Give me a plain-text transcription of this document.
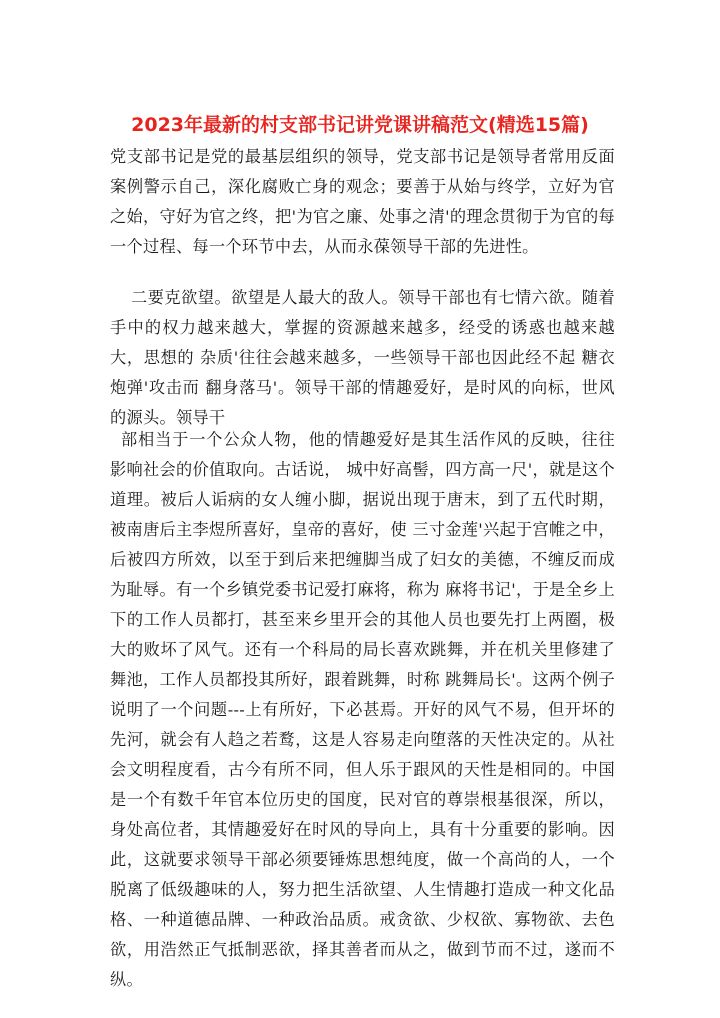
2023年最新的村支部书记讲党课讲稿范文(精选15篇)

党支部书记是党的最基层组织的领导，党支部书记是领导者常用反面案例警示自己，深化腐败亡身的观念；要善于从始与终学，立好为官之始，守好为官之终，把'为官之廉、处事之清'的理念贯彻于为官的每一个过程、每一个环节中去，从而永葆领导干部的先进性。

二要克欲望。欲望是人最大的敌人。领导干部也有七情六欲。随着手中的权力越来越大，掌握的资源越来越多，经受的诱惑也越来越大，思想的 杂质'往往会越来越多，一些领导干部也因此经不起 糖衣炮弹'攻击而 翻身落马'。领导干部的情趣爱好，是时风的向标，世风的源头。领导干

部相当于一个公众人物，他的情趣爱好是其生活作风的反映，往往影响社会的价值取向。古话说， 城中好高髻，四方高一尺'，就是这个道理。被后人诟病的女人缠小脚，据说出现于唐末，到了五代时期，被南唐后主李煜所喜好，皇帝的喜好，使 三寸金莲'兴起于宫帷之中，后被四方所效，以至于到后来把缠脚当成了妇女的美德，不缠反而成为耻辱。有一个乡镇党委书记爱打麻将，称为 麻将书记'，于是全乡上下的工作人员都打，甚至来乡里开会的其他人员也要先打上两圈，极大的败坏了风气。还有一个科局的局长喜欢跳舞，并在机关里修建了舞池，工作人员都投其所好，跟着跳舞，时称 跳舞局长'。这两个例子说明了一个问题---上有所好，下必甚焉。开好的风气不易，但开坏的先河，就会有人趋之若鹜，这是人容易走向堕落的天性决定的。从社会文明程度看，古今有所不同，但人乐于跟风的天性是相同的。中国是一个有数千年官本位历史的国度，民对官的尊崇根基很深，所以，身处高位者，其情趣爱好在时风的导向上，具有十分重要的影响。因此，这就要求领导干部必须要锤炼思想纯度，做一个高尚的人，一个脱离了低级趣味的人，努力把生活欲望、人生情趣打造成一种文化品格、一种道德品牌、一种政治品质。戒贪欲、少权欲、寡物欲、去色欲，用浩然正气抵制恶欲，择其善者而从之，做到节而不过，遂而不纵。
